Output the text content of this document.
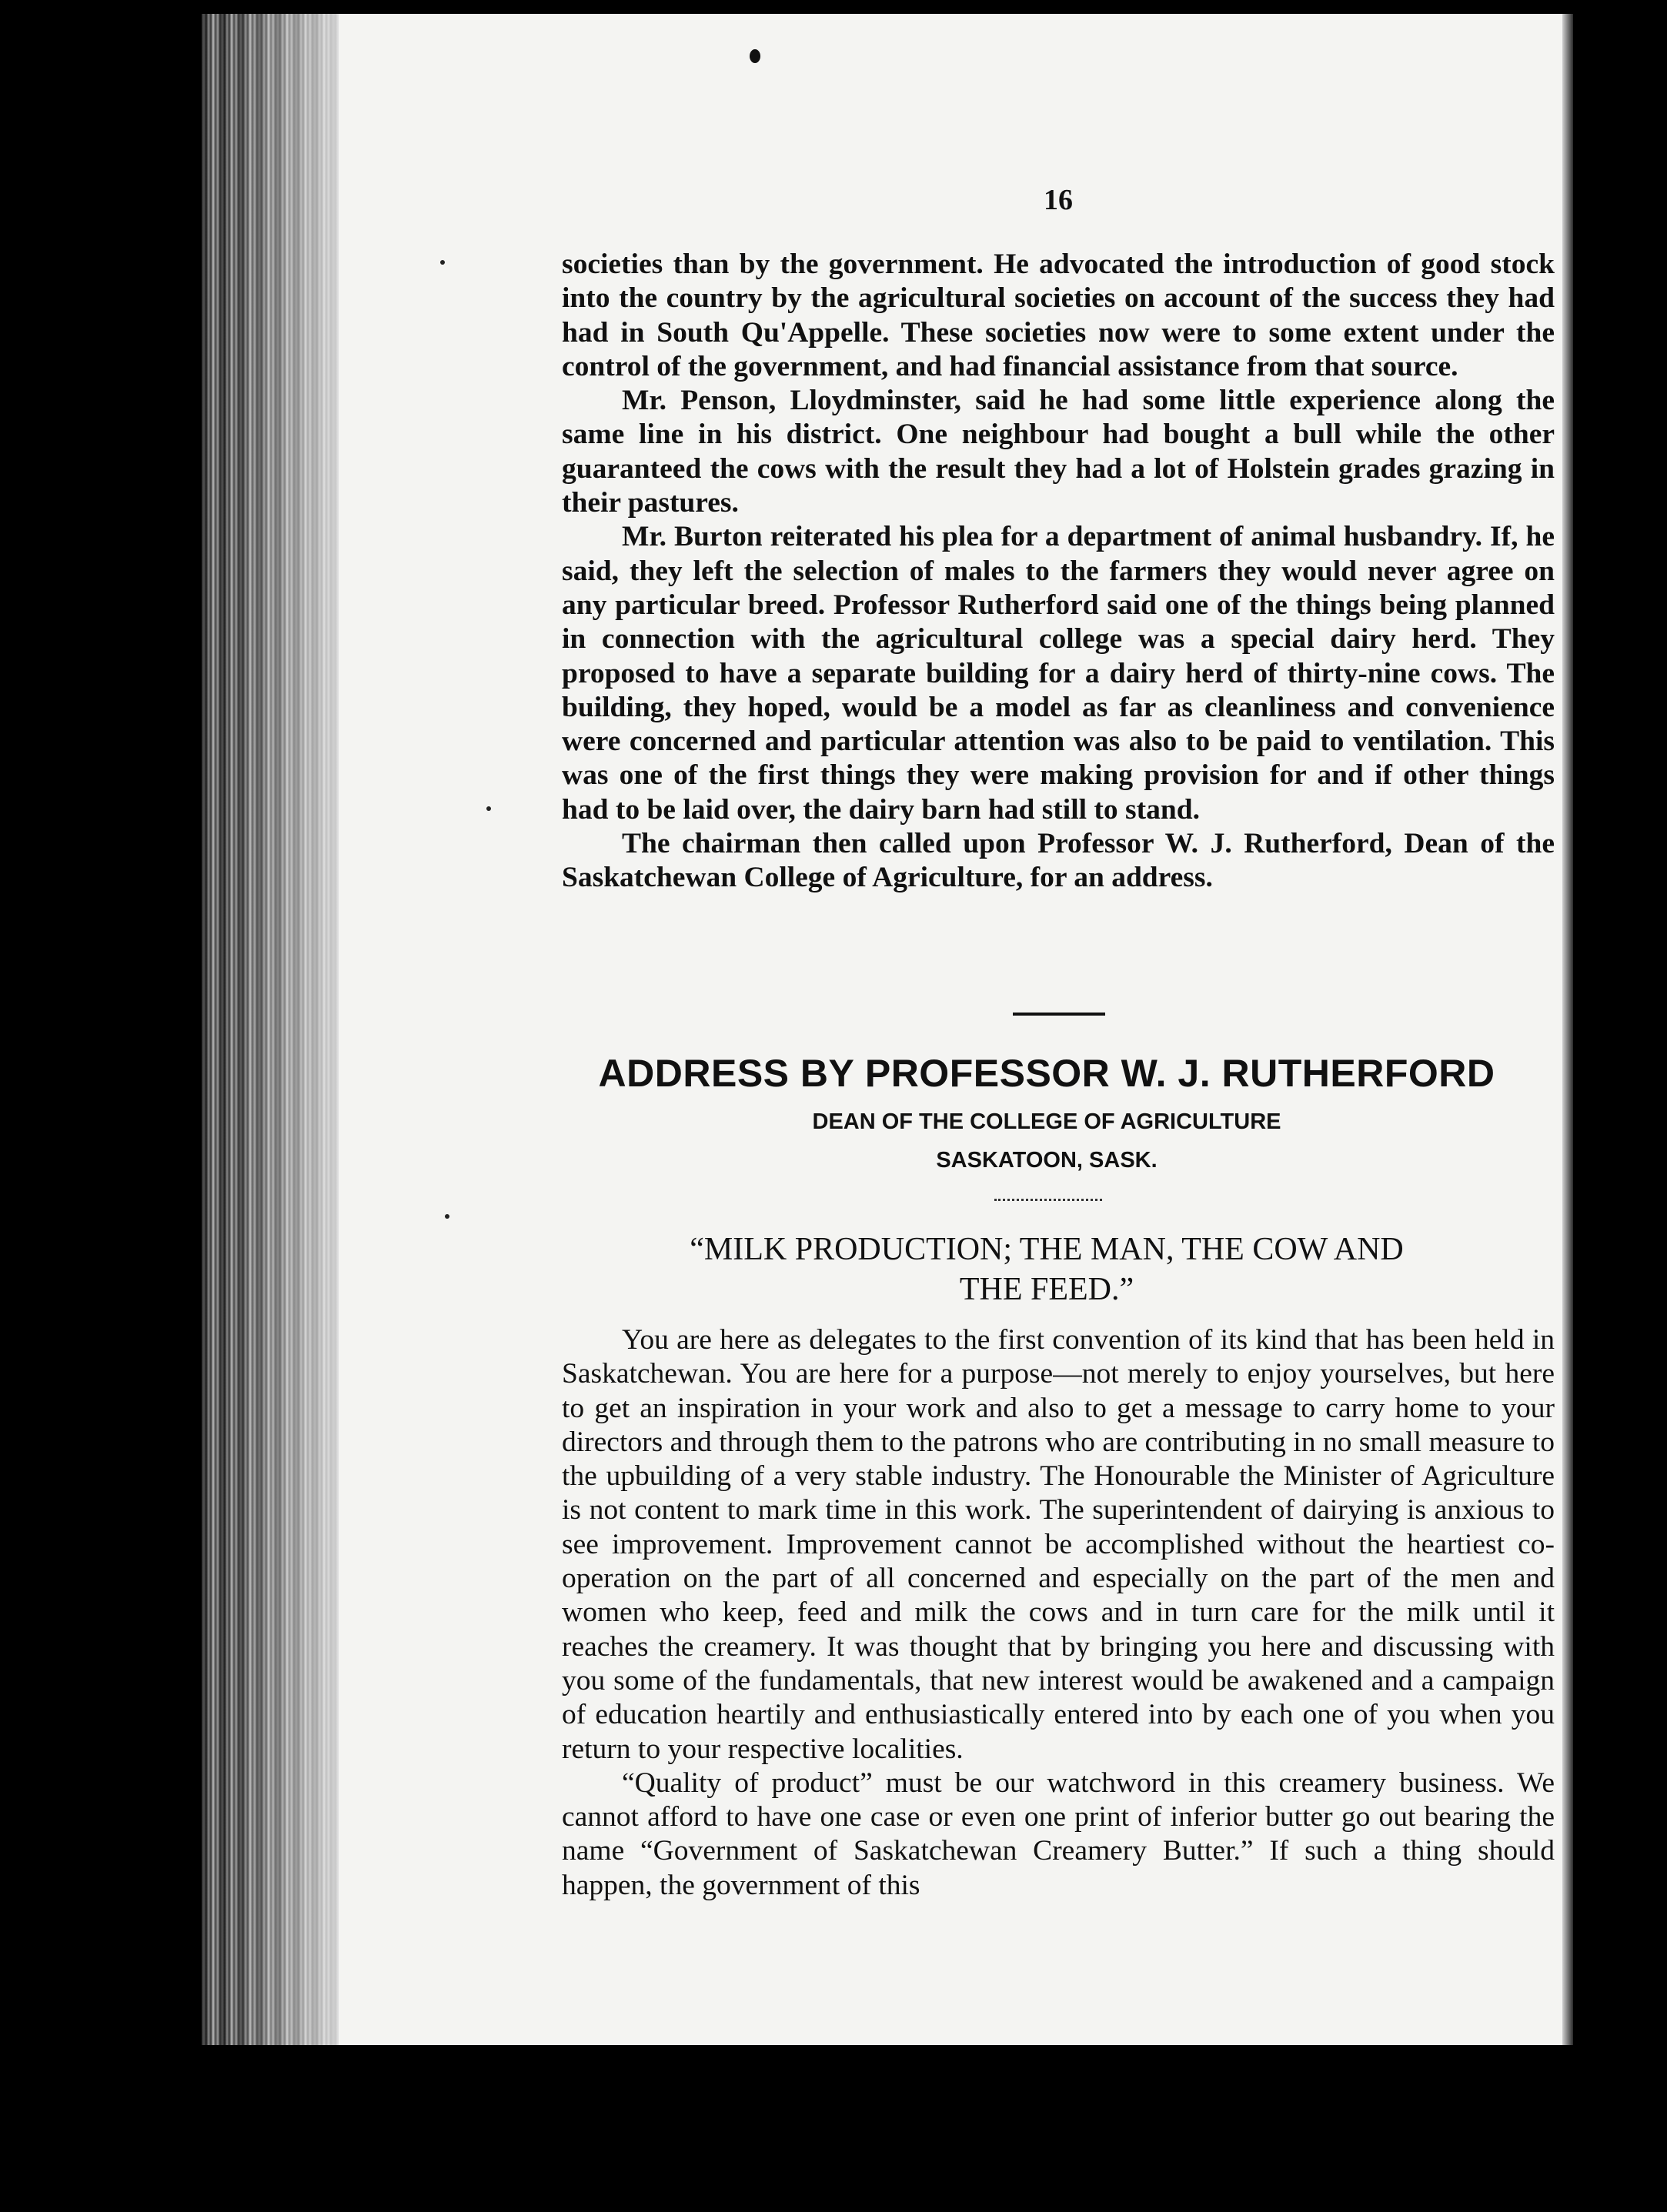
16

societies than by the government. He advocated the introduction of good stock into the country by the agricultural societies on account of the success they had had in South Qu'Appelle. These societies now were to some extent under the control of the government, and had financial assistance from that source.

Mr. Penson, Lloydminster, said he had some little experience along the same line in his district. One neighbour had bought a bull while the other guaranteed the cows with the result they had a lot of Holstein grades grazing in their pastures.

Mr. Burton reiterated his plea for a department of animal husbandry. If, he said, they left the selection of males to the farmers they would never agree on any particular breed. Professor Rutherford said one of the things being planned in connection with the agricultural college was a special dairy herd. They proposed to have a separate building for a dairy herd of thirty-nine cows. The building, they hoped, would be a model as far as cleanliness and convenience were concerned and particular attention was also to be paid to ventilation. This was one of the first things they were making provision for and if other things had to be laid over, the dairy barn had still to stand.

The chairman then called upon Professor W. J. Rutherford, Dean of the Saskatchewan College of Agriculture, for an address.

ADDRESS BY PROFESSOR W. J. RUTHERFORD
DEAN OF THE COLLEGE OF AGRICULTURE
SASKATOON, SASK.
“MILK PRODUCTION; THE MAN, THE COW AND
THE FEED.”

You are here as delegates to the first convention of its kind that has been held in Saskatchewan. You are here for a purpose—not merely to enjoy yourselves, but here to get an inspiration in your work and also to get a message to carry home to your directors and through them to the patrons who are contributing in no small measure to the upbuilding of a very stable industry. The Honourable the Minister of Agriculture is not content to mark time in this work. The superintendent of dairying is anxious to see improvement. Improvement cannot be accomplished without the heartiest co-operation on the part of all concerned and especially on the part of the men and women who keep, feed and milk the cows and in turn care for the milk until it reaches the creamery. It was thought that by bringing you here and discussing with you some of the fundamentals, that new interest would be awakened and a campaign of education heartily and enthusiastically entered into by each one of you when you return to your respective localities.

“Quality of product” must be our watchword in this creamery business. We cannot afford to have one case or even one print of inferior butter go out bearing the name “Government of Saskatchewan Creamery Butter.” If such a thing should happen, the government of this
